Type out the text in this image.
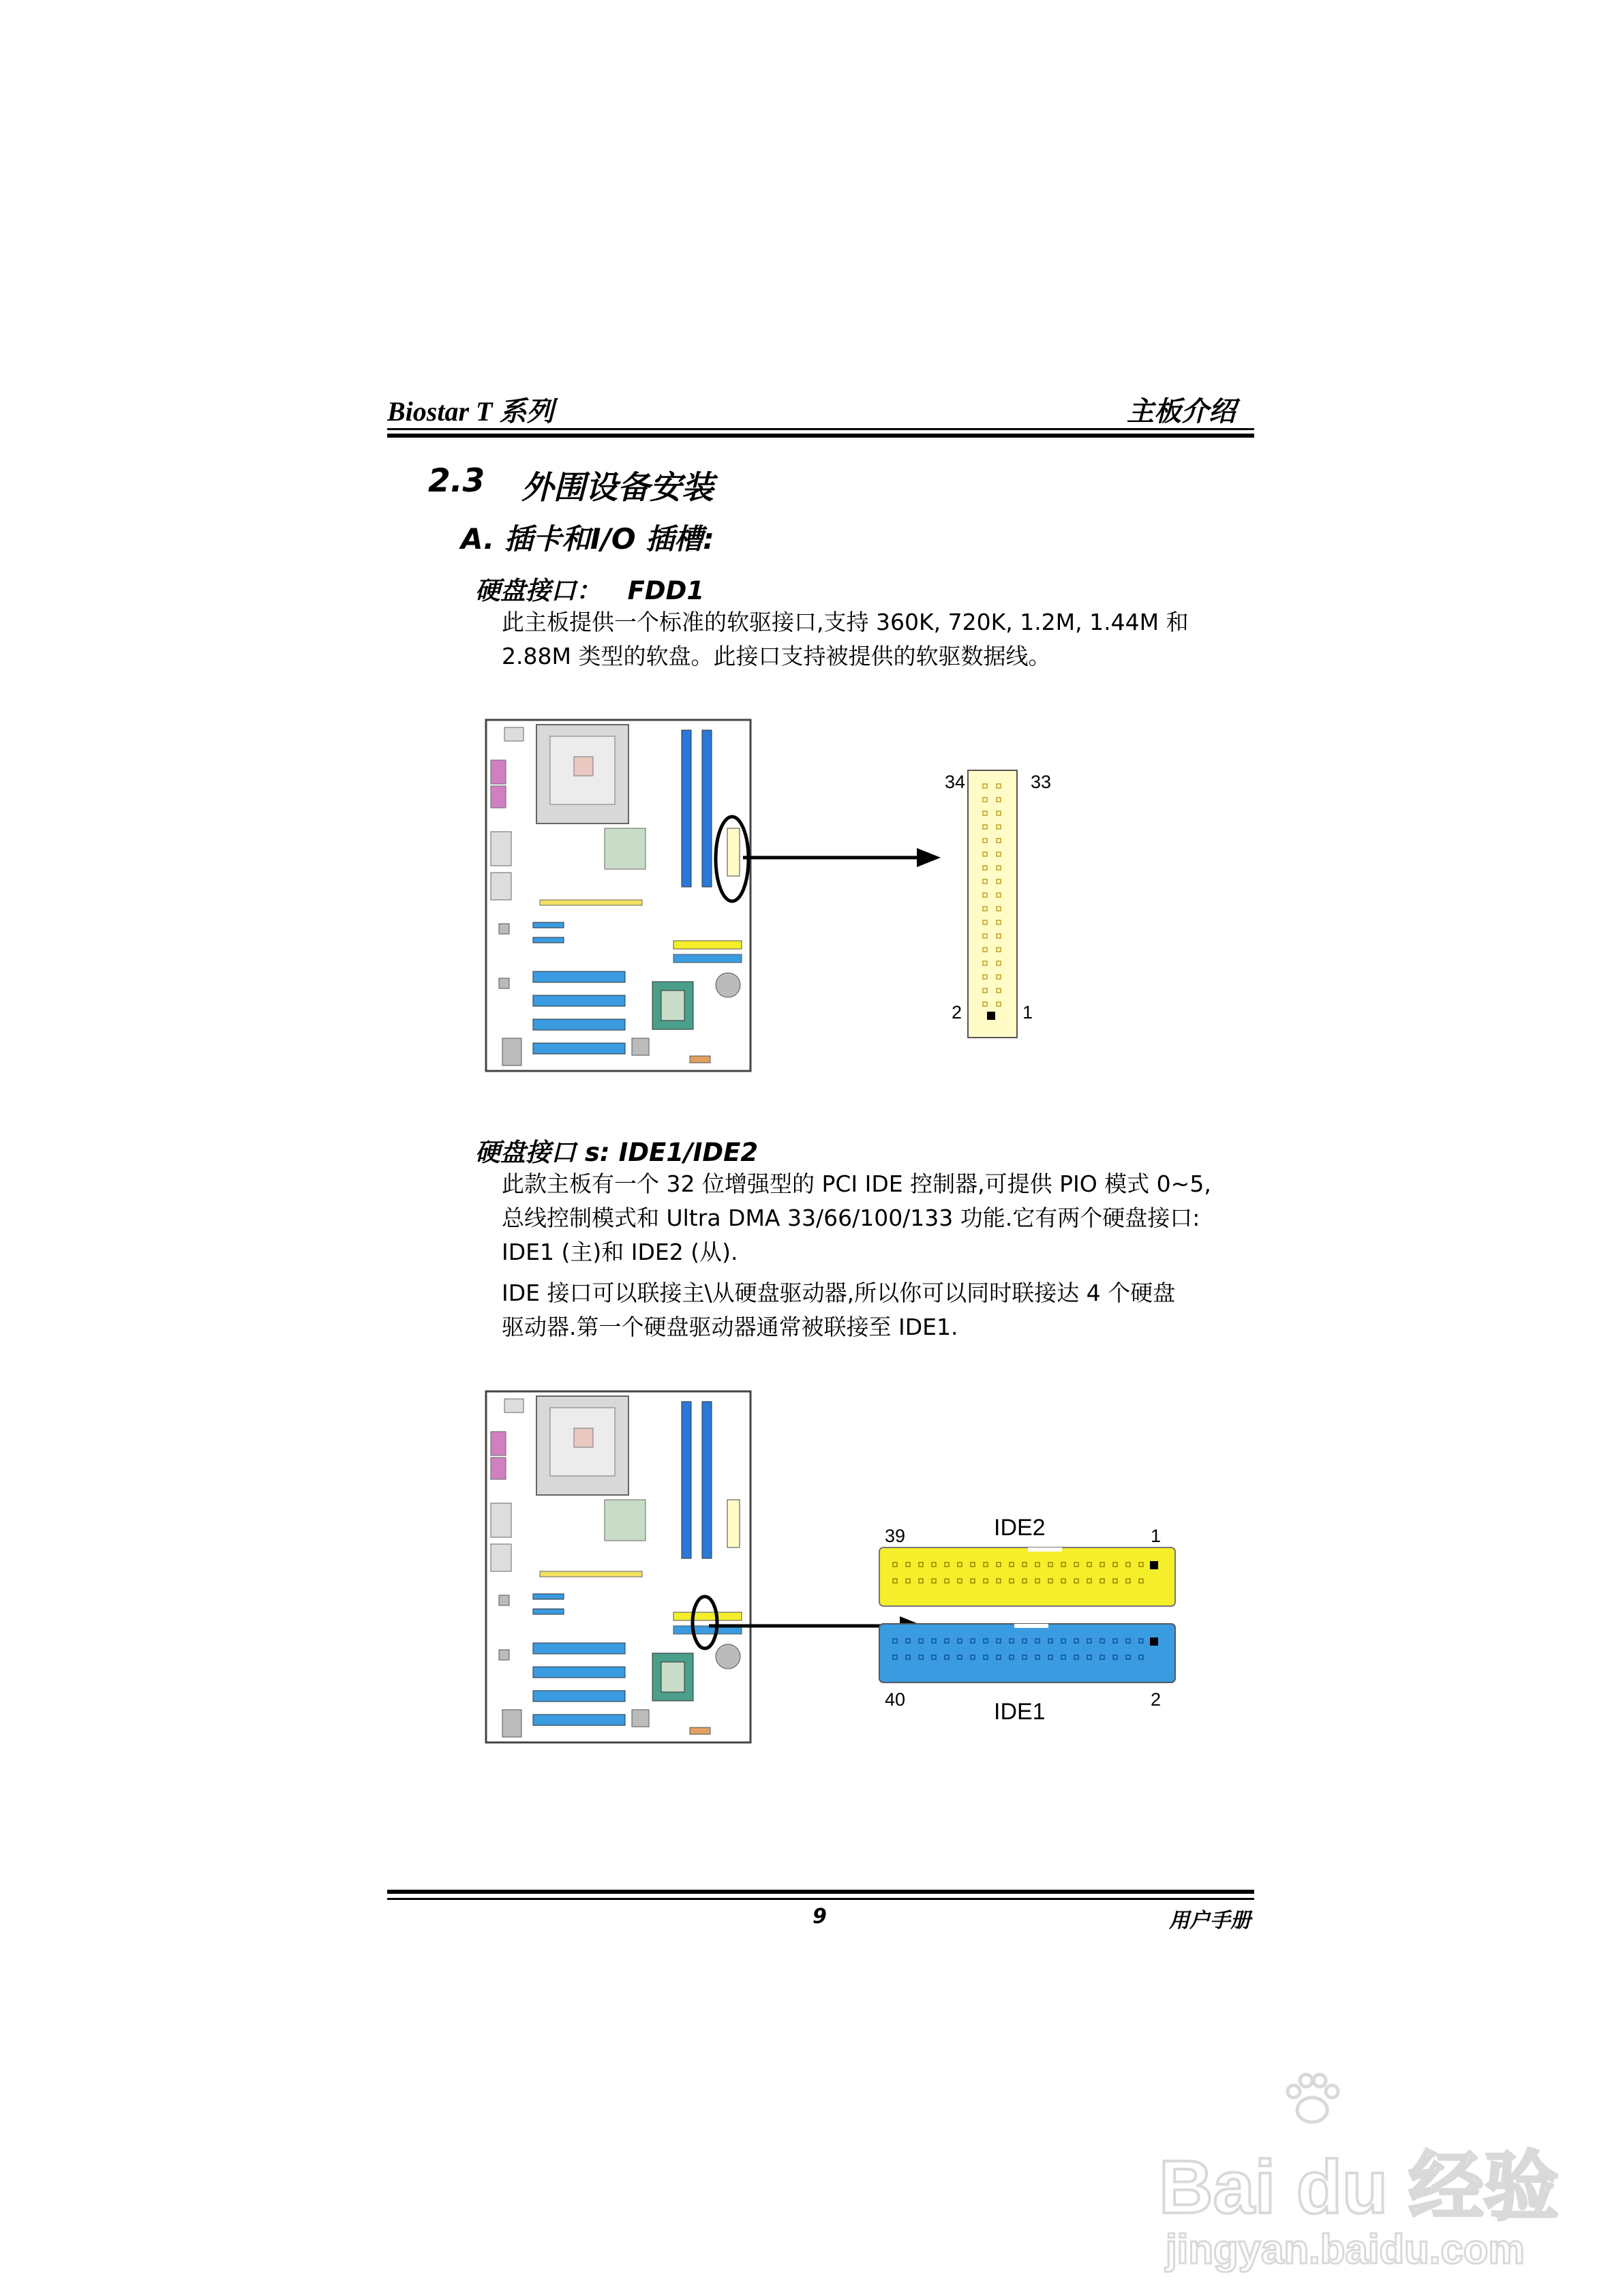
Biostar T 系列	主板介绍
2.3 外围设备安装
A. 插卡和I/O 插槽:
硬盘接口：   FDD1
此主板提供一个标准的软驱接口,支持 360K, 720K, 1.2M, 1.44M 和
2.88M 类型的软盘。此接口支持被提供的软驱数据线。
34	33
2	1
硬盘接口 s: IDE1/IDE2
此款主板有一个 32 位增强型的 PCI IDE 控制器,可提供 PIO 模式 0~5,
总线控制模式和 Ultra DMA 33/66/100/133 功能.它有两个硬盘接口:
IDE1 (主)和 IDE2 (从).
IDE 接口可以联接主\从硬盘驱动器,所以你可以同时联接达 4 个硬盘
驱动器.第一个硬盘驱动器通常被联接至 IDE1.
IDE2
39	1
40	2
IDE1
9	用户手册
Bai du 经验
jingyan.baidu.com
